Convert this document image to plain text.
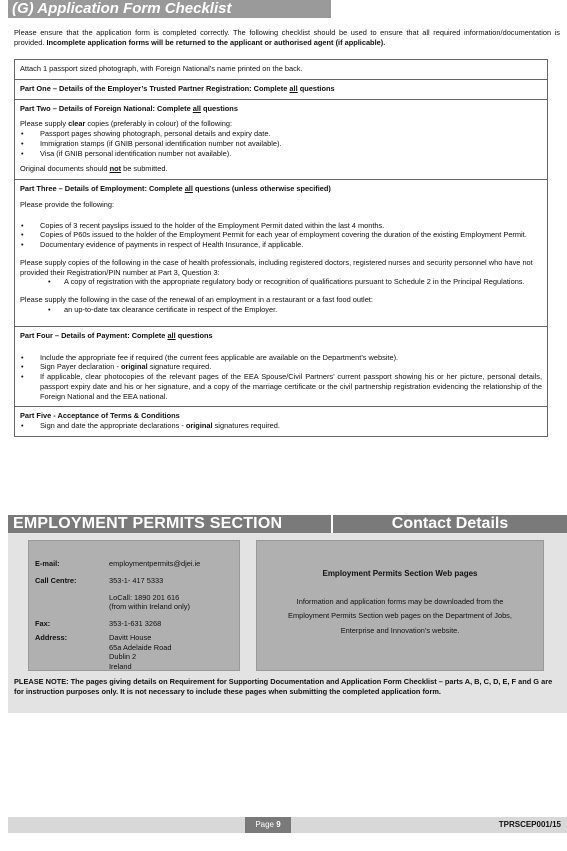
(G) Application Form Checklist
Please ensure that the application form is completed correctly. The following checklist should be used to ensure that all required information/documentation is provided. Incomplete application forms will be returned to the applicant or authorised agent (if applicable).
Attach 1 passport sized photograph, with Foreign National’s name printed on the back.
Part One – Details of the Employer’s Trusted Partner Registration: Complete all questions
Part Two – Details of Foreign National: Complete all questions

Please supply clear copies (preferably in colour) of the following:

• Passport pages showing photograph, personal details and expiry date.
• Immigration stamps (if GNIB personal identification number not available).
• Visa (if GNIB personal identification number not available).

Original documents should not be submitted.

Part Three – Details of Employment: Complete all questions (unless otherwise specified)

Please provide the following:

• Copies of 3 recent payslips issued to the holder of the Employment Permit dated within the last 4 months.
• Copies of P60s issued to the holder of the Employment Permit for each year of employment covering the duration of the existing Employment Permit.
• Documentary evidence of payments in respect of Health Insurance, if applicable.

Please supply copies of the following in the case of health professionals, including registered doctors, registered nurses and security personnel who have not provided their Registration/PIN number at Part 3, Question 3:

• A copy of registration with the appropriate regulatory body or recognition of qualifications pursuant to Schedule 2 in the Principal Regulations.

Please supply the following in the case of the renewal of an employment in a restaurant or a fast food outlet:

• an up-to-date tax clearance certificate in respect of the Employer.
Part Four – Details of Payment: Complete all questions
• Include the appropriate fee if required (the current fees applicable are available on the Department’s website).
• Sign Payer declaration - original signature required.
• If applicable, clear photocopies of the relevant pages of the EEA Spouse/Civil Partners’ current passport showing his or her picture, personal details, passport expiry date and his or her signature, and a copy of the marriage certificate or the civil partnership registration evidencing the relationship of the Foreign National and the EEA national.
Part Five - Acceptance of Terms & Conditions
• Sign and date the appropriate declarations - original signatures required.
EMPLOYMENT PERMITS SECTION	Contact Details
E-mail:	employmentpermits@djei.ie
Call Centre:	353-1- 417 5333
LoCall: 1890 201 616
(from within Ireland only)
Fax:	353-1-631 3268
Address:	Davitt House
65a Adelaide Road
Dublin 2
Ireland
Employment Permits Section Web pages
Information and application forms may be downloaded from the
Employment Permits Section web pages on the Department of Jobs,
Enterprise and Innovation’s website.
PLEASE NOTE: The pages giving details on Requirement for Supporting Documentation and Application Form Checklist – parts A, B, C, D, E, F and G are for instruction purposes only. It is not necessary to include these pages when submitting the completed application form.
Page 9	TPRSCEP001/15
